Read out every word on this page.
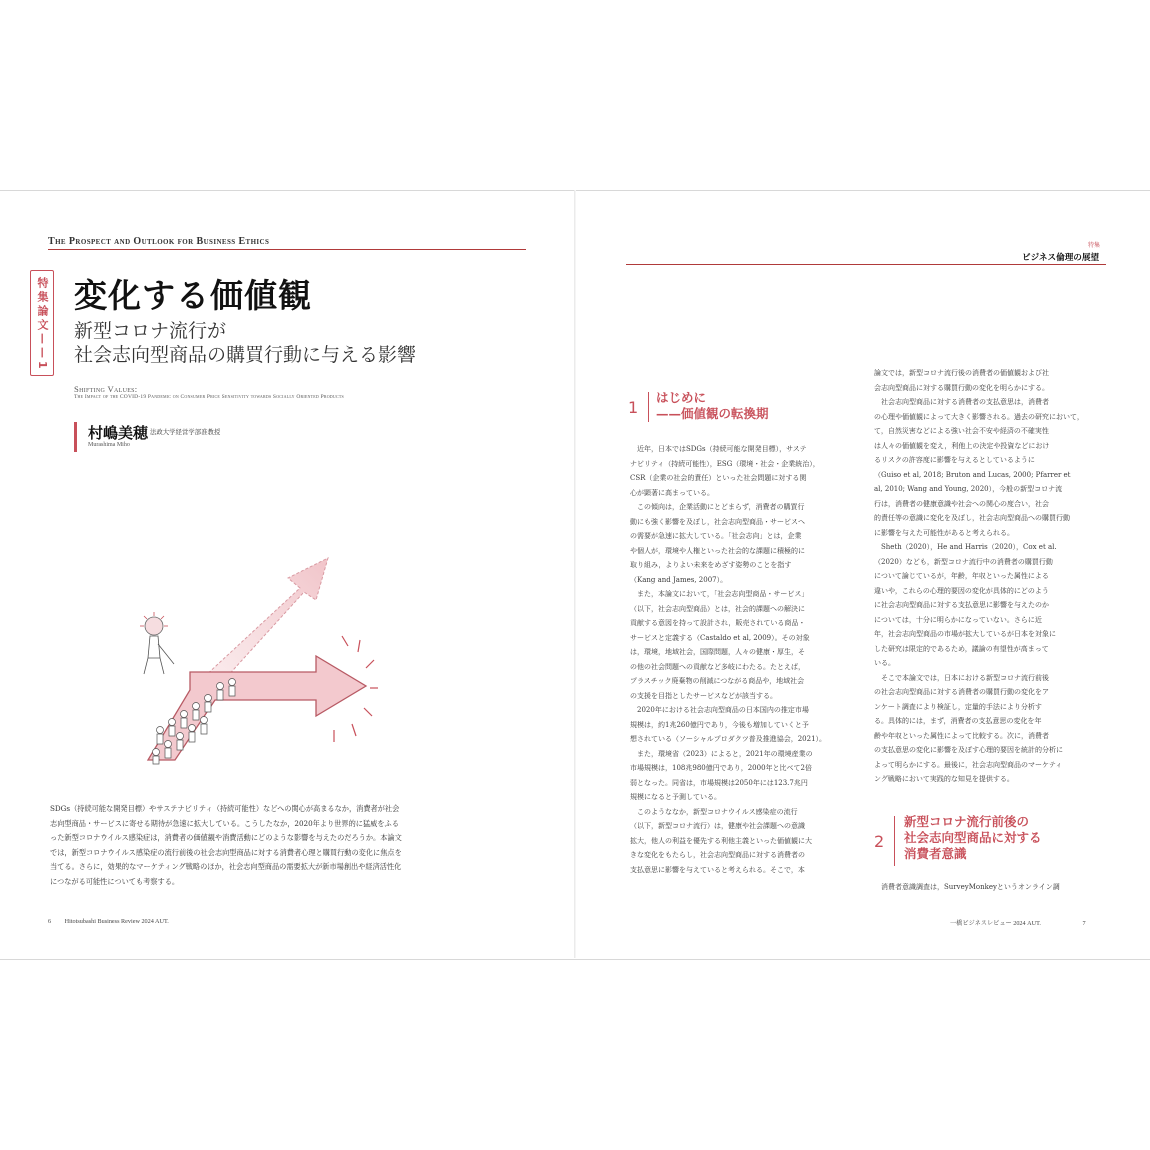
The Prospect and Outlook for Business Ethics
特集論文——1 変化する価値観
新型コロナ流行が
社会志向型商品の購買行動に与える影響
Shifting Values:
The Impact of the COVID-19 Pandemic on Consumer Price Sensitivity towards Socially Oriented Products
村嶋美穂 法政大学経営学部准教授
Murashima Miho

SDGs（持続可能な開発目標）やサステナビリティ（持続可能性）などへの関心が高まるなか，消費者が社会

志向型商品・サービスに寄せる期待が急速に拡大している。こうしたなか，2020年より世界的に猛威をふる

った新型コロナウイルス感染症は，消費者の価値観や消費活動にどのような影響を与えたのだろうか。本論文

では，新型コロナウイルス感染症の流行前後の社会志向型商品に対する消費者心理と購買行動の変化に焦点を

当てる。さらに，効果的なマーケティング戦略のほか，社会志向型商品の需要拡大が新市場創出や経済活性化

につながる可能性についても考察する。

6 Hitotsubashi Business Review 2024 AUT.
特集
ビジネス倫理の展望
1
はじめに
——価値観の転換期

　近年，日本ではSDGs（持続可能な開発目標），サステ

ナビリティ（持続可能性），ESG（環境・社会・企業統治），

CSR（企業の社会的責任）といった社会問題に対する関

心が顕著に高まっている。

　この傾向は，企業活動にとどまらず，消費者の購買行

動にも強く影響を及ぼし，社会志向型商品・サービスへ

の需要が急速に拡大している。「社会志向」とは，企業

や個人が，環境や人権といった社会的な課題に積極的に

取り組み，よりよい未来をめざす姿勢のことを指す

（Kang and James, 2007）。

　また，本論文において，「社会志向型商品・サービス」

（以下，社会志向型商品）とは，社会的課題への解決に

貢献する意図を持って設計され，販売されている商品・

サービスと定義する（Castaldo et al, 2009）。その対象

は，環境，地域社会，国際問題，人々の健康・厚生，そ

の他の社会問題への貢献など多岐にわたる。たとえば，

プラスチック廃棄物の削減につながる商品や，地域社会

の支援を目指としたサービスなどが該当する。

　2020年における社会志向型商品の日本国内の推定市場

規模は，約1兆260億円であり，今後も増加していくと予

想されている（ソーシャルプロダクツ普及推進協会，2021）。

　また，環境省（2023）によると，2021年の環境産業の

市場規模は，108兆980億円であり，2000年と比べて2倍

弱となった。同省は，市場規模は2050年には123.7兆円

規模になると予測している。

　このようななか，新型コロナウイルス感染症の流行

（以下，新型コロナ流行）は，健康や社会課題への意識

拡大，他人の利益を優先する利他主義といった価値観に大

きな変化をもたらし，社会志向型商品に対する消費者の

支払意思に影響を与えていると考えられる。そこで，本

論文では，新型コロナ流行後の消費者の価値観および社

会志向型商品に対する購買行動の変化を明らかにする。

　社会志向型商品に対する消費者の支払意思は，消費者

の心理や価値観によって大きく影響される。過去の研究において，

て，自然災害などによる強い社会不安や経済の不確実性

は人々の価値観を変え，利他上の決定や投資などにおけ

るリスクの許容度に影響を与えるとしているように

（Guiso et al, 2018; Bruton and Lucas, 2000; Pfarrer et

al, 2010; Wang and Young, 2020），今般の新型コロナ流

行は，消費者の健康意識や社会への関心の度合い，社会

的責任等の意識に変化を及ぼし，社会志向型商品への購買行動

に影響を与えた可能性があると考えられる。

　Sheth（2020），He and Harris（2020），Cox et al.

（2020）なども，新型コロナ流行中の消費者の購買行動

について論じているが，年齢，年収といった属性による

違いや，これらの心理的要因の変化が具体的にどのよう

に社会志向型商品に対する支払意思に影響を与えたのか

については，十分に明らかになっていない。さらに近

年，社会志向型商品の市場が拡大しているが日本を対象に

した研究は限定的であるため，議論の有望性が高まって

いる。

　そこで本論文では，日本における新型コロナ流行前後

の社会志向型商品に対する消費者の購買行動の変化をア

ンケート調査により検証し，定量的手法により分析す

る。具体的には，まず，消費者の支払意思の変化を年

齢や年収といった属性によって比較する。次に，消費者

の支払意思の変化に影響を及ぼす心理的要因を統計的分析に

よって明らかにする。最後に，社会志向型商品のマーケティ

ング戦略において実践的な知見を提供する。

2
新型コロナ流行前後の
社会志向型商品に対する
消費者意識

　消費者意識調査は，SurveyMonkeyというオンライン調

一橋ビジネスレビュー 2024 AUT.	7
